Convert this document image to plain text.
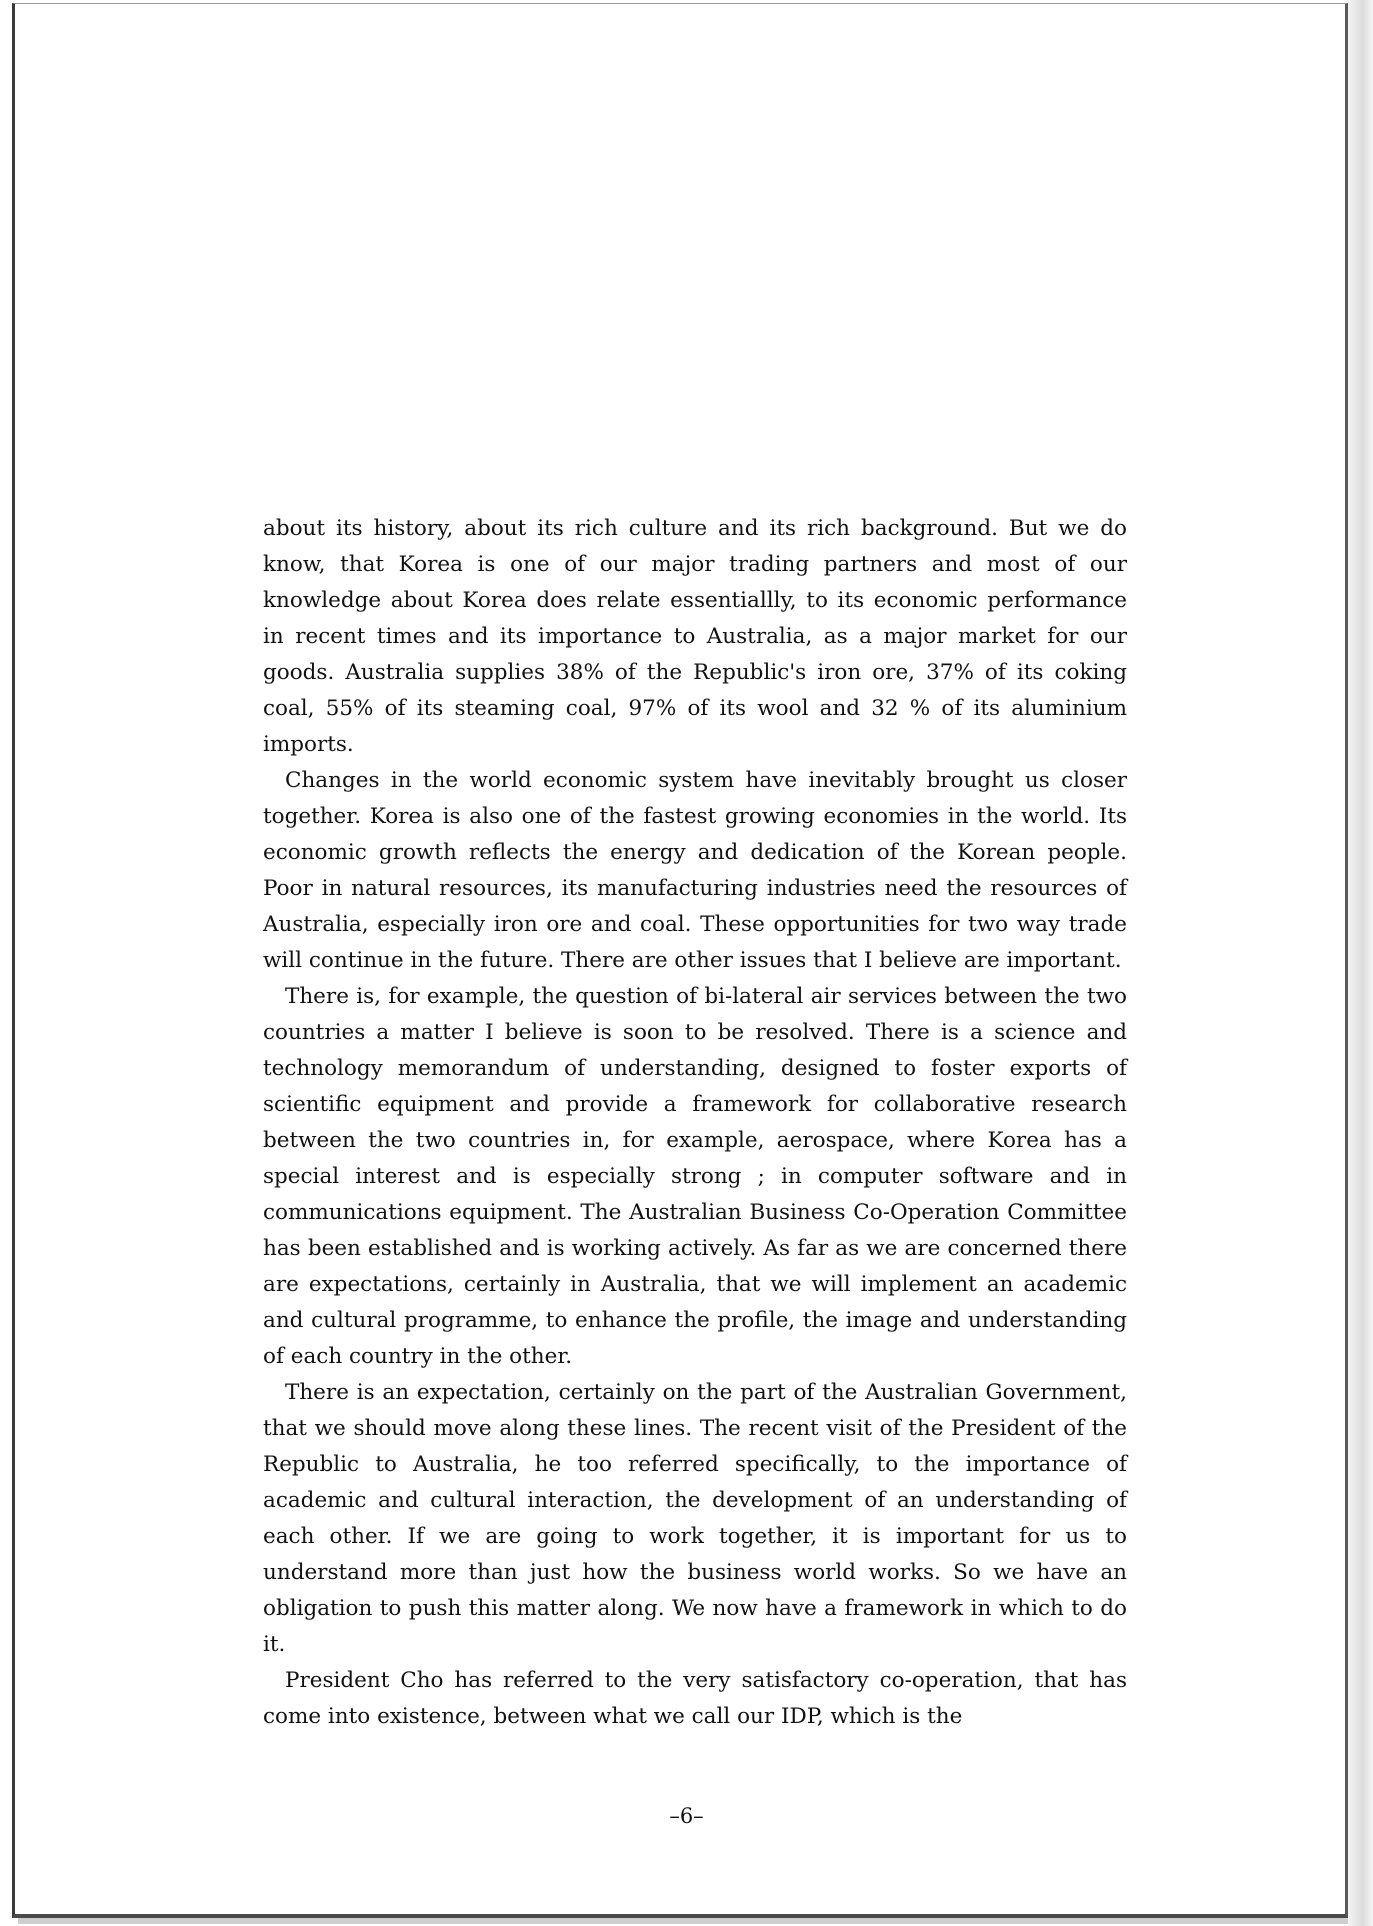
about its history, about its rich culture and its rich background. But we do know, that Korea is one of our major trading partners and most of our knowledge about Korea does relate essentiallly, to its economic performance in recent times and its importance to Australia, as a major market for our goods. Australia supplies 38% of the Republic's iron ore, 37% of its coking coal, 55% of its steaming coal, 97% of its wool and 32 % of its aluminium imports.

Changes in the world economic system have inevitably brought us closer together. Korea is also one of the fastest growing economies in the world. Its economic growth reflects the energy and dedication of the Korean people. Poor in natural resources, its manufacturing industries need the resources of Australia, especially iron ore and coal. These opportunities for two way trade will continue in the future. There are other issues that I believe are important.

There is, for example, the question of bi-lateral air services between the two countries a matter I believe is soon to be resolved. There is a science and technology memorandum of understanding, designed to foster exports of scientific equipment and provide a framework for collaborative research between the two countries in, for example, aerospace, where Korea has a special interest and is especially strong ; in computer software and in communications equipment. The Australian Business Co-Operation Committee has been established and is working actively. As far as we are concerned there are expectations, certainly in Australia, that we will implement an academic and cultural programme, to enhance the profile, the image and understanding of each country in the other.

There is an expectation, certainly on the part of the Australian Government, that we should move along these lines. The recent visit of the President of the Republic to Australia, he too referred specifically, to the importance of academic and cultural interaction, the development of an understanding of each other. If we are going to work together, it is important for us to understand more than just how the business world works. So we have an obligation to push this matter along. We now have a framework in which to do it.

President Cho has referred to the very satisfactory co-operation, that has come into existence, between what we call our IDP, which is the

–6–
